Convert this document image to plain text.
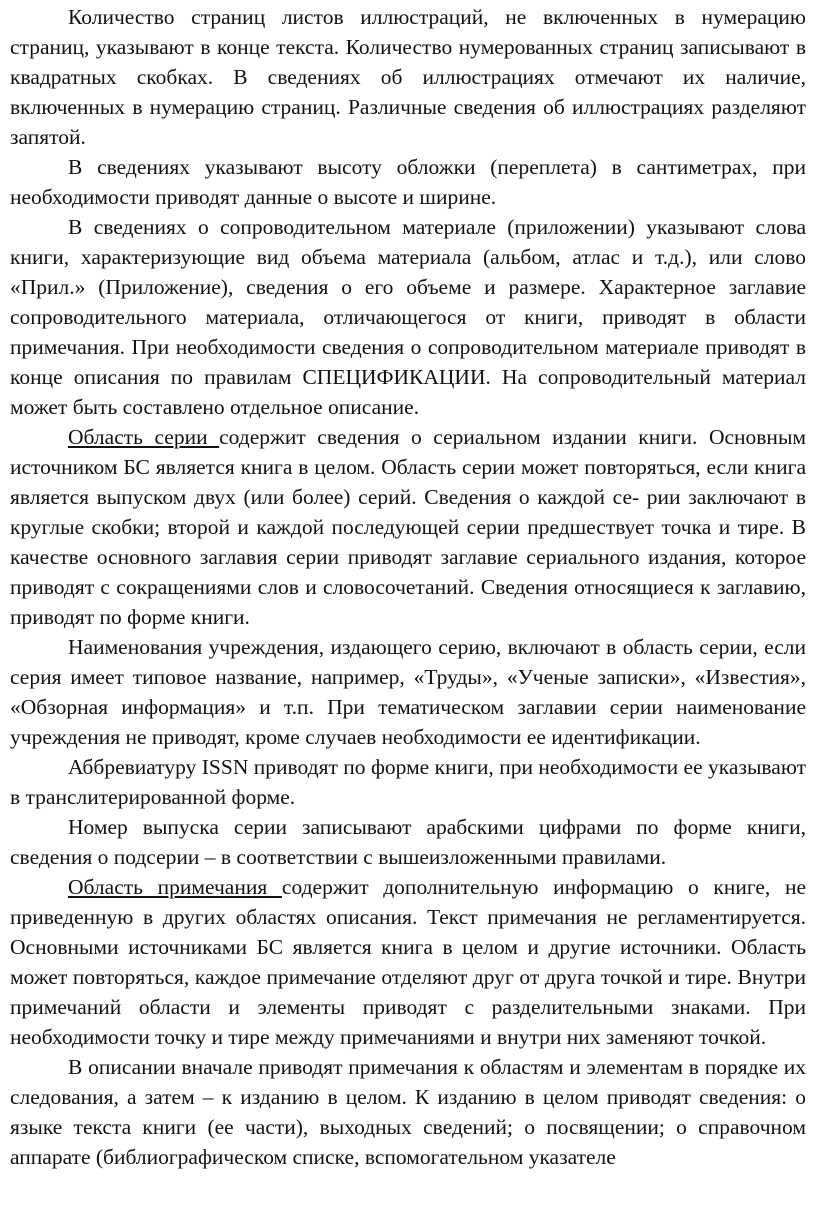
Количество страниц листов иллюстраций, не включенных в нумерацию страниц, указывают в конце текста. Количество нумерованных страниц записывают в квадратных скобках. В сведениях об иллюстрациях отмечают их наличие, включенных в нумерацию страниц. Различные сведения об иллюстрациях разделяют запятой.

В сведениях указывают высоту обложки (переплета) в сантиметрах, при необходимости приводят данные о высоте и ширине.

В сведениях о сопроводительном материале (приложении) указывают слова книги, характеризующие вид объема материала (альбом, атлас и т.д.), или слово «Прил.» (Приложение), сведения о его объеме и размере. Характерное заглавие сопроводительного материала, отличающегося от книги, приводят в области примечания. При необходимости сведения о сопроводительном материале приводят в конце описания по правилам СПЕЦИФИКАЦИИ. На сопроводительный материал может быть составлено отдельное описание.

Область серии содержит сведения о сериальном издании книги. Основным источником БС является книга в целом. Область серии может повторяться, если книга является выпуском двух (или более) серий. Сведения о каждой се- рии заключают в круглые скобки; второй и каждой последующей серии предшествует точка и тире. В качестве основного заглавия серии приводят заглавие сериального издания, которое приводят с сокращениями слов и словосочетаний. Сведения относящиеся к заглавию, приводят по форме книги.

Наименования учреждения, издающего серию, включают в область серии, если серия имеет типовое название, например, «Труды», «Ученые записки», «Известия», «Обзорная информация» и т.п. При тематическом заглавии серии наименование учреждения не приводят, кроме случаев необходимости ее идентификации.

Аббревиатуру ISSN приводят по форме книги, при необходимости ее указывают в транслитерированной форме.

Номер выпуска серии записывают арабскими цифрами по форме книги, сведения о подсерии – в соответствии с вышеизложенными правилами.

Область примечания содержит дополнительную информацию о книге, не приведенную в других областях описания. Текст примечания не регламентируется. Основными источниками БС является книга в целом и другие источники. Область может повторяться, каждое примечание отделяют друг от друга точкой и тире. Внутри примечаний области и элементы приводят с разделительными знаками. При необходимости точку и тире между примечаниями и внутри них заменяют точкой.

В описании вначале приводят примечания к областям и элементам в порядке их следования, а затем – к изданию в целом. К изданию в целом приводят сведения: о языке текста книги (ее части), выходных сведений; о посвящении; о справочном аппарате (библиографическом списке, вспомогательном указателе
